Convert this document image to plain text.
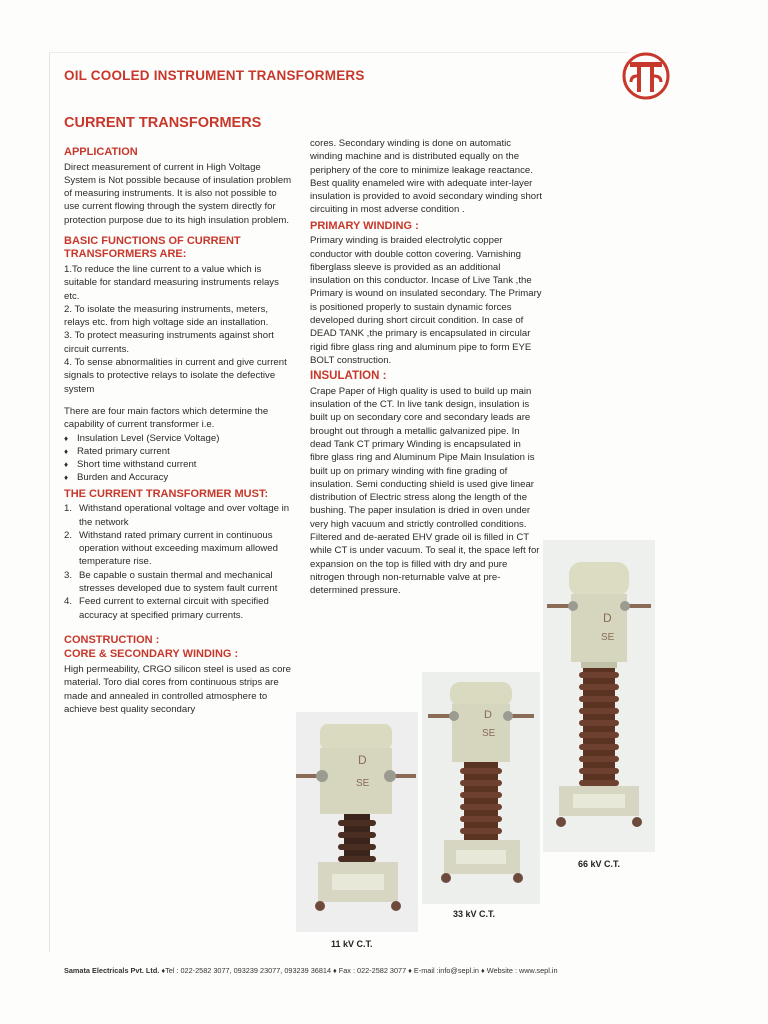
OIL COOLED INSTRUMENT TRANSFORMERS
CURRENT TRANSFORMERS
APPLICATION

Direct measurement of current in High Voltage System is Not possible because of insulation problem of measuring instruments. It is also not possible to use current flowing through the system directly for protection purpose due to its high insulation problem.

BASIC FUNCTIONS OF CURRENT TRANSFORMERS ARE:

1.To reduce the line current to a value which is suitable for standard measuring instruments relays etc.

2. To isolate the measuring instruments, meters, relays etc. from high voltage side an installation.

3. To protect measuring instruments against short circuit currents.

4. To sense abnormalities in current and give current signals to protective relays to isolate the defective system

There are four main factors which determine the capability of current transformer i.e.

♦ Insulation Level (Service Voltage)
♦ Rated primary current
♦ Short time withstand current
♦ Burden and Accuracy
THE CURRENT TRANSFORMER MUST:
1. Withstand operational voltage and over voltage in the network
2. Withstand rated primary current in continuous operation without exceeding maximum allowed temperature rise.
3. Be capable o sustain thermal and mechanical stresses developed due to system fault current
4. Feed current to external circuit with specified accuracy at specified primary currents.
CONSTRUCTION :
CORE & SECONDARY WINDING :

High permeability, CRGO silicon steel is used as core material. Toro dial cores from continuous strips are made and annealed in controlled atmosphere to achieve best quality secondary

cores. Secondary winding is done on automatic winding machine and is distributed equally on the periphery of the core to minimize leakage reactance. Best quality enameled wire with adequate inter-layer insulation is provided to avoid secondary winding short circuiting in most adverse condition .

PRIMARY WINDING :

Primary winding is braided electrolytic copper conductor with double cotton covering. Varnishing fiberglass sleeve is provided as an additional insulation on this conductor. Incase of Live Tank ,the Primary is wound on insulated secondary. The Primary is positioned properly to sustain dynamic forces developed during short circuit condition. In case of DEAD TANK ,the primary is encapsulated in circular rigid fibre glass ring and aluminum pipe to form EYE BOLT construction.

INSULATION :

Crape Paper of High quality is used to build up main insulation of the CT. In live tank design, insulation is built up on secondary core and secondary leads are brought out through a metallic galvanized pipe. In dead Tank CT primary Winding is encapsulated in fibre glass ring and Aluminum Pipe Main Insulation is built up on primary winding with fine grading of insulation. Semi conducting shield is used give linear distribution of Electric stress along the length of the bushing. The paper insulation is dried in oven under very high vacuum and strictly controlled conditions. Filtered and de-aerated EHV grade oil is filled in CT while CT is under vacuum. To seal it, the space left for expansion on the top is filled with dry and pure nitrogen through non-returnable valve at pre-determined pressure.

D
SE
66 kV C.T.
D
SE
33 kV C.T.
D
SE
11 kV C.T.
Samata Electricals Pvt. Ltd. ♦Tel : 022-2582 3077, 093239 23077, 093239 36814 ♦ Fax : 022-2582 3077 ♦ E-mail :info@sepl.in ♦ Website : www.sepl.in
